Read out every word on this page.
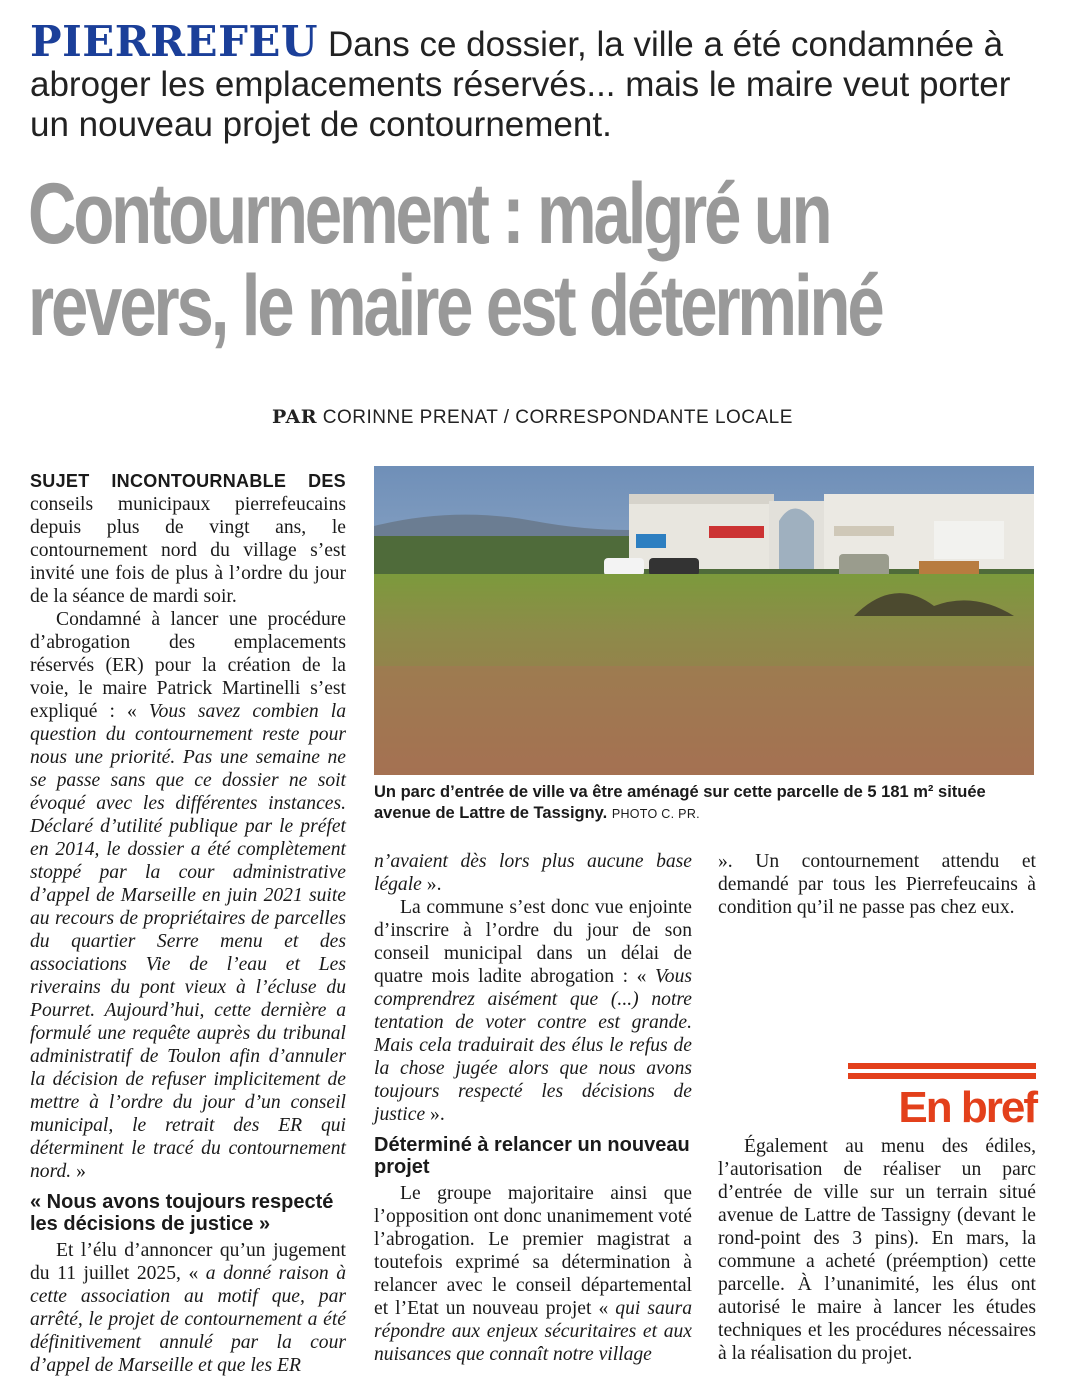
PIERREFEU Dans ce dossier, la ville a été condamnée à abroger les emplacements réservés... mais le maire veut porter un nouveau projet de contournement.
Contournement : malgré un
revers, le maire est déterminé
PAR CORINNE PRENAT / CORRESPONDANTE LOCALE

SUJET INCONTOURNABLE DES conseils municipaux pierrefeucains depuis plus de vingt ans, le contournement nord du village s’est invité une fois de plus à l’ordre du jour de la séance de mardi soir.

Condamné à lancer une procédure d’abrogation des emplacements réservés (ER) pour la création de la voie, le maire Patrick Martinelli s’est expliqué : « Vous savez combien la question du contournement reste pour nous une priorité. Pas une semaine ne se passe sans que ce dossier ne soit évoqué avec les différentes instances. Déclaré d’utilité publique par le préfet en 2014, le dossier a été complètement stoppé par la cour administrative d’appel de Marseille en juin 2021 suite au recours de propriétaires de parcelles du quartier Serre menu et des associations Vie de l’eau et Les riverains du pont vieux à l’écluse du Pourret. Aujourd’hui, cette dernière a formulé une requête auprès du tribunal administratif de Toulon afin d’annuler la décision de refuser implicitement de mettre à l’ordre du jour d’un conseil municipal, le retrait des ER qui déterminent le tracé du contournement nord. »

« Nous avons toujours respecté les décisions de justice »

Et l’élu d’annoncer qu’un jugement du 11 juillet 2025, « a donné raison à cette association au motif que, par arrêté, le projet de contournement a été définitivement annulé par la cour d’appel de Marseille et que les ER

Un parc d’entrée de ville va être aménagé sur cette parcelle de 5 181 m² située avenue de Lattre de Tassigny. PHOTO C. PR.

n’avaient dès lors plus aucune base légale ».

La commune s’est donc vue enjointe d’inscrire à l’ordre du jour de son conseil municipal dans un délai de quatre mois ladite abrogation : « Vous comprendrez aisément que (...) notre tentation de voter contre est grande. Mais cela traduirait des élus le refus de la chose jugée alors que nous avons toujours respecté les décisions de justice ».

Déterminé à relancer un nouveau projet

Le groupe majoritaire ainsi que l’opposition ont donc unanimement voté l’abrogation. Le premier magistrat a toutefois exprimé sa détermination à relancer avec le conseil départemental et l’Etat un nouveau projet « qui saura répondre aux enjeux sécuritaires et aux nuisances que connaît notre village

En bref

Également au menu des édiles, l’autorisation de réaliser un parc d’entrée de ville sur un terrain situé avenue de Lattre de Tassigny (devant le rond-point des 3 pins). En mars, la commune a acheté (préemption) cette parcelle. À l’unanimité, les élus ont autorisé le maire à lancer les études techniques et les procédures nécessaires à la réalisation du projet.

». Un contournement attendu et demandé par tous les Pierrefeucains à condition qu’il ne passe pas chez eux.
